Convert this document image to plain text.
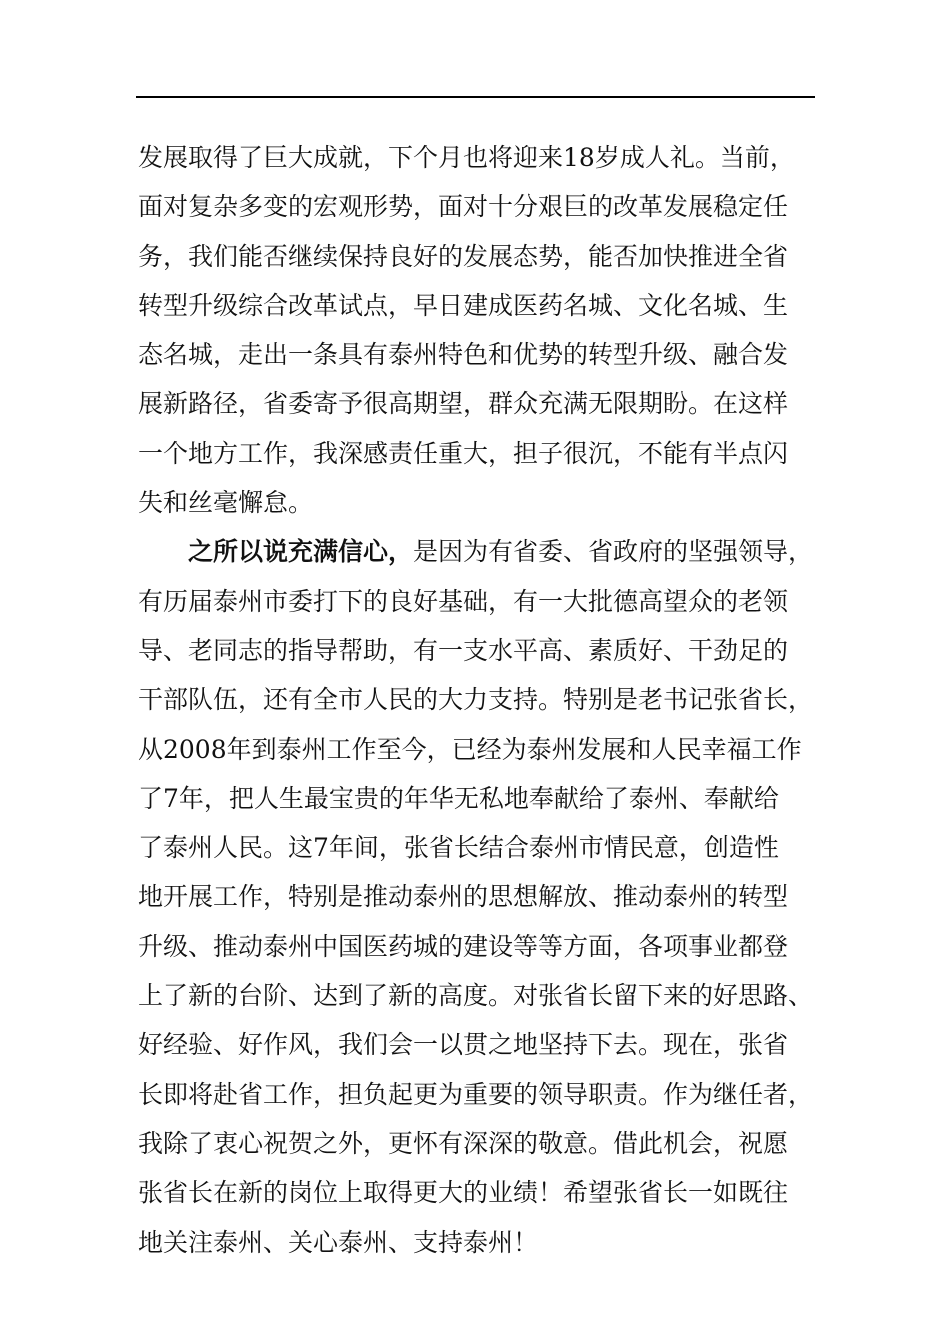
发展取得了巨大成就，下个月也将迎来18岁成人礼。当前，
面对复杂多变的宏观形势，面对十分艰巨的改革发展稳定任
务，我们能否继续保持良好的发展态势，能否加快推进全省
转型升级综合改革试点，早日建成医药名城、文化名城、生
态名城，走出一条具有泰州特色和优势的转型升级、融合发
展新路径，省委寄予很高期望，群众充满无限期盼。在这样
一个地方工作，我深感责任重大，担子很沉，不能有半点闪
失和丝毫懈怠。
之所以说充满信心，是因为有省委、省政府的坚强领导，
有历届泰州市委打下的良好基础，有一大批德高望众的老领
导、老同志的指导帮助，有一支水平高、素质好、干劲足的
干部队伍，还有全市人民的大力支持。特别是老书记张省长，
从2008年到泰州工作至今，已经为泰州发展和人民幸福工作
了7年，把人生最宝贵的年华无私地奉献给了泰州、奉献给
了泰州人民。这7年间，张省长结合泰州市情民意，创造性
地开展工作，特别是推动泰州的思想解放、推动泰州的转型
升级、推动泰州中国医药城的建设等等方面，各项事业都登
上了新的台阶、达到了新的高度。对张省长留下来的好思路、
好经验、好作风，我们会一以贯之地坚持下去。现在，张省
长即将赴省工作，担负起更为重要的领导职责。作为继任者，
我除了衷心祝贺之外，更怀有深深的敬意。借此机会，祝愿
张省长在新的岗位上取得更大的业绩！希望张省长一如既往
地关注泰州、关心泰州、支持泰州！
